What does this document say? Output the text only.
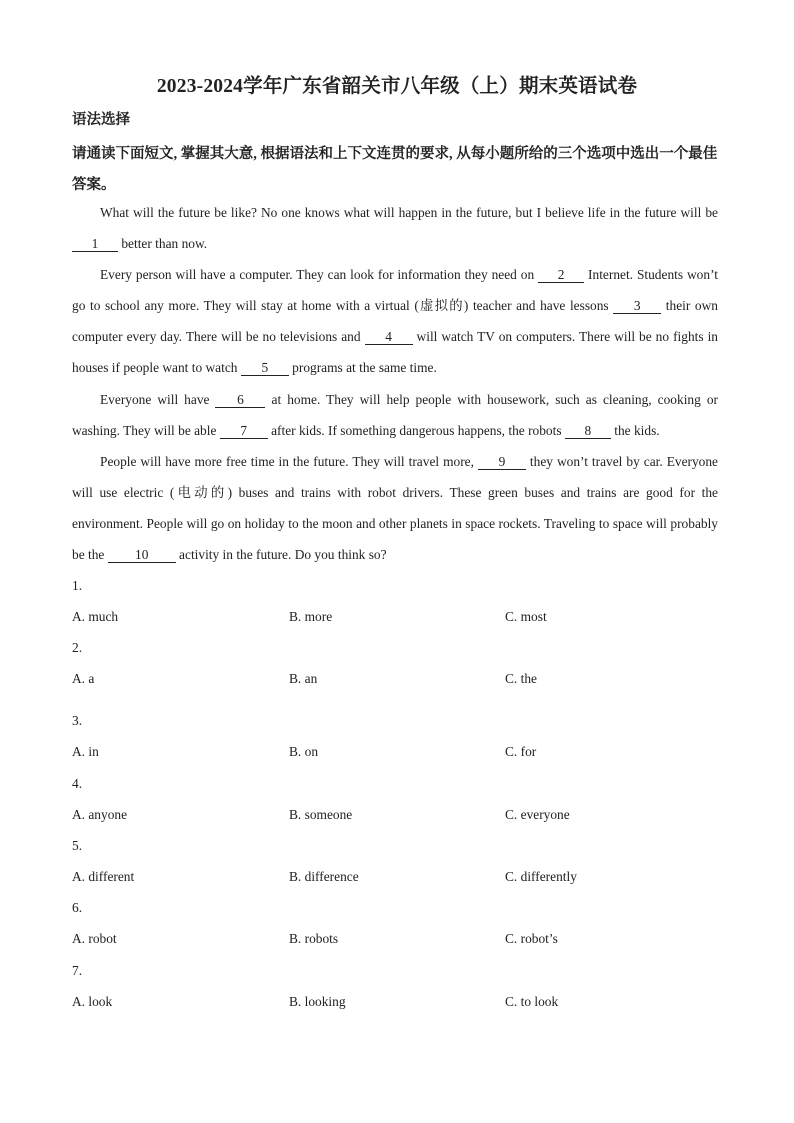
2023-2024学年广东省韶关市八年级（上）期末英语试卷
语法选择
请通读下面短文, 掌握其大意, 根据语法和上下文连贯的要求, 从每小题所给的三个选项中选出一个最佳答案。

What will the future be like? No one knows what will happen in the future, but I believe life in the future will be 1 better than now.

Every person will have a computer. They can look for information they need on 2 Internet. Students won’t go to school any more. They will stay at home with a virtual (虚拟的) teacher and have lessons 3 their own computer every day. There will be no televisions and 4 will watch TV on computers. There will be no fights in houses if people want to watch 5 programs at the same time.

Everyone will have 6 at home. They will help people with housework, such as cleaning, cooking or washing. They will be able 7 after kids. If something dangerous happens, the robots 8 the kids.

People will have more free time in the future. They will travel more, 9 they won’t travel by car. Everyone will use electric (电动的) buses and trains with robot drivers. These green buses and trains are good for the environment. People will go on holiday to the moon and other planets in space rockets. Traveling to space will probably be the 10 activity in the future. Do you think so?

1.
A. much	B. more	C. most
2.
A. a	B. an	C. the
3.
A. in	B. on	C. for
4.
A. anyone	B. someone	C. everyone
5.
A. different	B. difference	C. differently
6.
A. robot	B. robots	C. robot’s
7.
A. look	B. looking	C. to look
